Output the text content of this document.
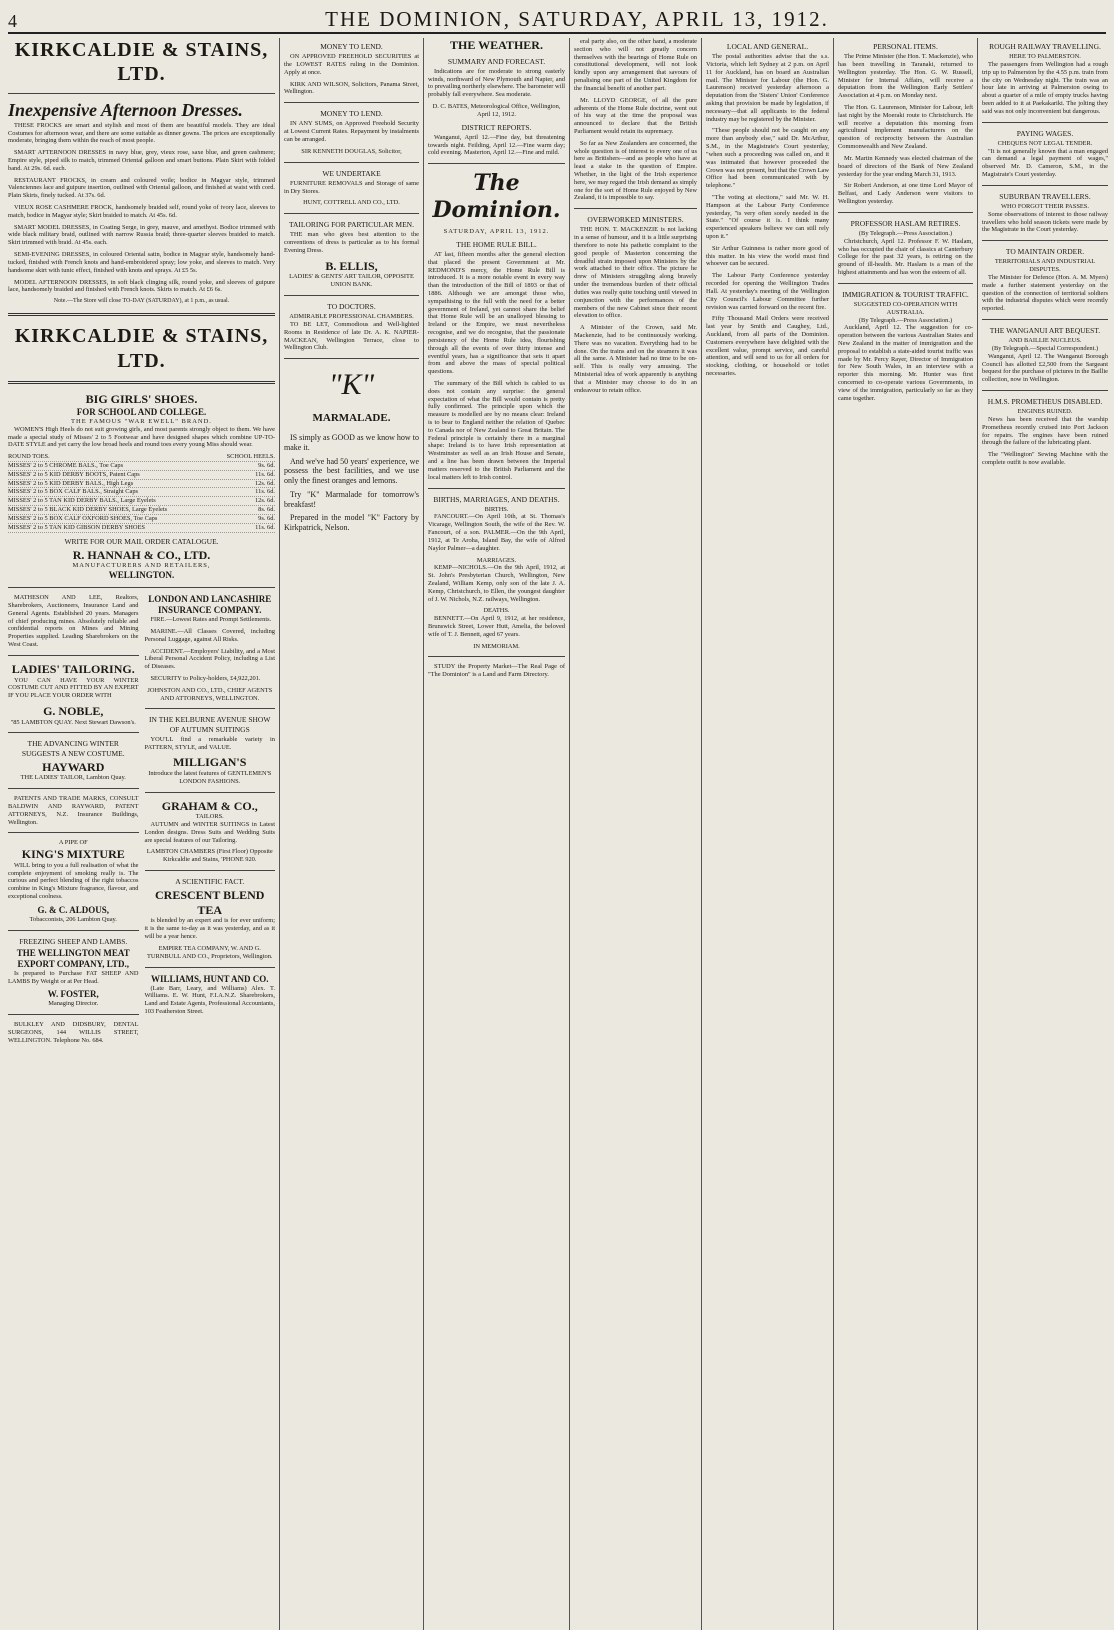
4	THE DOMINION, SATURDAY, APRIL 13, 1912.
KIRKCALDIE & STAINS, LTD.
Inexpensive Afternoon Dresses.

THESE FROCKS are smart and stylish and most of them are beautiful models. They are ideal Costumes for afternoon wear, and there are some suitable as dinner gowns. The prices are exceptionally moderate, bringing them within the reach of most people.

SMART AFTERNOON DRESSES in navy blue, grey, vieux rose, saxe blue, and green cashmere; Empire style, piped silk to match, trimmed Oriental galloon and smart buttons. Plain Skirt with folded band. At 29s. 6d. each.

RESTAURANT FROCKS, in cream and coloured voile; bodice in Magyar style, trimmed Valenciennes lace and guipure insertion, outlined with Oriental galloon, and finished at waist with cord. Plain Skirts, finely tucked. At 37s. 6d.

VIEUX ROSE CASHMERE FROCK, handsomely braided self, round yoke of ivory lace, sleeves to match, bodice in Magyar style; Skirt braided to match. At 45s. 6d.

SMART MODEL DRESSES, in Coating Serge, in grey, mauve, and amethyst. Bodice trimmed with wide black military braid, outlined with narrow Russia braid; three-quarter sleeves braided to match. Skirt trimmed with braid. At 45s. each.

SEMI-EVENING DRESSES, in coloured Oriental satin, bodice in Magyar style, handsomely hand-tucked, finished with French knots and hand-embroidered spray; low yoke, and sleeves to match. Very handsome skirt with tunic effect, finished with knots and sprays. At £5 5s.

MODEL AFTERNOON DRESSES, in soft black clinging silk, round yoke, and sleeves of guipure lace, handsomely braided and finished with French knots. Skirts to match. At £6 6s.

Note.—The Store will close TO-DAY (SATURDAY), at 1 p.m., as usual.
KIRKCALDIE & STAINS, LTD.
BIG GIRLS' SHOES.
FOR SCHOOL AND COLLEGE.
THE FAMOUS "WAR EWELL" BRAND.

WOMEN'S High Heels do not suit growing girls, and most parents strongly object to them. We have made a special study of Misses' 2 to 5 Footwear and have designed shapes which combine UP-TO-DATE STYLE and yet carry the low broad heels and round toes every young Miss should wear.

ROUND TOES.	SCHOOL HEELS.
MISSES' 2 to 5 CHROME BALS., Toe Caps	9s. 6d.
MISSES' 2 to 5 KID DERBY BOOTS, Patent Caps	11s. 6d.
MISSES' 2 to 5 KID DERBY BALS., High Legs	12s. 6d.
MISSES' 2 to 5 BOX CALF BALS., Straight Caps	11s. 6d.
MISSES' 2 to 5 TAN KID DERBY BALS., Large Eyelets	12s. 6d.
MISSES' 2 to 5 BLACK KID DERBY SHOES, Large Eyelets	8s. 6d.
MISSES' 2 to 5 BOX CALF OXFORD SHOES, Toe Caps	9s. 6d.
MISSES' 2 to 5 TAN KID GIBSON DERBY SHOES	11s. 6d.
WRITE FOR OUR MAIL ORDER CATALOGUE.
R. HANNAH & CO., LTD.
MANUFACTURERS AND RETAILERS,
WELLINGTON.

MATHESON AND LEE, Realtors, Sharebrokers, Auctioneers, Insurance Land and General Agents. Established 20 years. Managers of chief producing mines. Absolutely reliable and confidential reports on Mines and Mining Properties supplied. Leading Sharebrokers on the West Coast.

LADIES' TAILORING.

YOU CAN HAVE YOUR WINTER COSTUME CUT AND FITTED BY AN EXPERT IF YOU PLACE YOUR ORDER WITH

G. NOBLE,
"85 LAMBTON QUAY. Next Stewart Dawson's.
THE ADVANCING WINTER SUGGESTS A NEW COSTUME.
HAYWARD
THE LADIES' TAILOR, Lambton Quay.

PATENTS AND TRADE MARKS, CONSULT BALDWIN AND RAYWARD, PATENT ATTORNEYS, N.Z. Insurance Buildings, Wellington.

A PIPE OF
KING'S MIXTURE

WILL bring to you a full realisation of what the complete enjoyment of smoking really is. The curious and perfect blending of the right tobaccos combine in King's Mixture fragrance, flavour, and exceptional coolness.

G. & C. ALDOUS,
Tobacconists, 206 Lambton Quay.
FREEZING SHEEP AND LAMBS.
THE WELLINGTON MEAT EXPORT COMPANY, LTD.,

Is prepared to Purchase FAT SHEEP AND LAMBS By Weight or at Per Head.

W. FOSTER,
Managing Director.

BULKLEY AND DIDSBURY, DENTAL SURGEONS, 144 WILLIS STREET, WELLINGTON. Telephone No. 684.

LONDON AND LANCASHIRE INSURANCE COMPANY.

FIRE.—Lowest Rates and Prompt Settlements.

MARINE.—All Classes Covered, including Personal Luggage, against All Risks.

ACCIDENT.—Employers' Liability, and a Most Liberal Personal Accident Policy, including a List of Diseases.

SECURITY to Policy-holders, £4,922,201.

JOHNSTON AND CO., LTD., CHIEF AGENTS AND ATTORNEYS, WELLINGTON.
IN THE KELBURNE AVENUE SHOW OF AUTUMN SUITINGS

YOU'LL find a remarkable variety in PATTERN, STYLE, and VALUE.

MILLIGAN'S
Introduce the latest features of GENTLEMEN'S LONDON FASHIONS.
GRAHAM & CO.,
TAILORS.

AUTUMN and WINTER SUITINGS in Latest London designs. Dress Suits and Wedding Suits are special features of our Tailoring.

LAMBTON CHAMBERS (First Floor) Opposite Kirkcaldie and Stains, 'PHONE 920.
A SCIENTIFIC FACT.
CRESCENT BLEND TEA

is blended by an expert and is for ever uniform; it is the same to-day as it was yesterday, and as it will be a year hence.

EMPIRE TEA COMPANY, W. AND G. TURNBULL AND CO., Proprietors, Wellington.
WILLIAMS, HUNT AND CO.

(Late Barr, Leary, and Williams) Alex. T. Williams. E. W. Hunt, F.I.A.N.Z. Sharebrokers, Land and Estate Agents, Professional Accountants, 103 Featherston Street.

MONEY TO LEND.

ON APPROVED FREEHOLD SECURITIES at the LOWEST RATES ruling in the Dominion. Apply at once.

KIRK AND WILSON, Solicitors, Panama Street, Wellington.

MONEY TO LEND.

IN ANY SUMS, on Approved Freehold Security at Lowest Current Rates. Repayment by instalments can be arranged.

SIR KENNETH DOUGLAS, Solicitor,
WE UNDERTAKE

FURNITURE REMOVALS and Storage of same in Dry Stores.

HUNT, COTTRELL AND CO., LTD.
TAILORING FOR PARTICULAR MEN.

THE man who gives best attention to the conventions of dress is particular as to his formal Evening Dress.

B. ELLIS,
LADIES' & GENTS' ART TAILOR, OPPOSITE UNION BANK.
TO DOCTORS.
ADMIRABLE PROFESSIONAL CHAMBERS.

TO BE LET, Commodious and Well-lighted Rooms in Residence of late Dr. A. K. NAPIER-MACKEAN, Wellington Terrace, close to Wellington Club.

"K"
MARMALADE.

IS simply as GOOD as we know how to make it.

And we've had 50 years' experience, we possess the best facilities, and we use only the finest oranges and lemons.

Try "K" Marmalade for tomorrow's breakfast!

Prepared in the model "K" Factory by Kirkpatrick, Nelson.

THE WEATHER.
SUMMARY AND FORECAST.

Indications are for moderate to strong easterly winds, northward of New Plymouth and Napier, and to prevailing northerly elsewhere. The barometer will probably fall everywhere. Sea moderate.

D. C. BATES, Meteorological Office, Wellington, April 12, 1912.
DISTRICT REPORTS.

Wanganui, April 12.—Fine day, but threatening towards night. Feilding, April 12.—Fine warm day; cold evening. Masterton, April 12.—Fine and mild.

The Dominion.
SATURDAY, APRIL 13, 1912.
THE HOME RULE BILL.

AT last, fifteen months after the general election that placed the present Government at Mr. REDMOND'S mercy, the Home Rule Bill is introduced. It is a more notable event in every way than the introduction of the Bill of 1893 or that of 1886. Although we are amongst those who, sympathising to the full with the need for a better government of Ireland, yet cannot share the belief that Home Rule will be an unalloyed blessing to Ireland or the Empire, we must nevertheless recognise, and we do recognise, that the passionate persistency of the Home Rule idea, flourishing through all the events of over thirty intense and eventful years, has a significance that sets it apart from and above the mass of special political questions.

The summary of the Bill which is cabled to us does not contain any surprise: the general expectation of what the Bill would contain is pretty fully confirmed. The principle upon which the measure is modelled are by no means clear: Ireland is to bear to England neither the relation of Quebec to Canada nor of New Zealand to Great Britain. The Federal principle is certainly there in a marginal shape: Ireland is to have Irish representation at Westminster as well as an Irish House and Senate, and a line has been drawn between the Imperial matters reserved to the British Parliament and the local matters left to Irish control.

BIRTHS, MARRIAGES, AND DEATHS.
BIRTHS.

FANCOURT.—On April 10th, at St. Thomas's Vicarage, Wellington South, the wife of the Rev. W. Fancourt, of a son. PALMER.—On the 9th April, 1912, at Te Aroha, Island Bay, the wife of Alfred Naylor Palmer—a daughter.

MARRIAGES.

KEMP—NICHOLS.—On the 9th April, 1912, at St. John's Presbyterian Church, Wellington, New Zealand, William Kemp, only son of the late J. A. Kemp, Christchurch, to Ellen, the youngest daughter of J. W. Nichols, N.Z. railways, Wellington.

DEATHS.

BENNETT.—On April 9, 1912, at her residence, Brunswick Street, Lower Hutt, Amelia, the beloved wife of T. J. Bennett, aged 67 years.

IN MEMORIAM.

STUDY the Property Market—The Real Page of "The Dominion" is a Land and Farm Directory.

eral party also, on the other hand, a moderate section who will not greatly concern themselves with the bearings of Home Rule on constitutional development, will not look kindly upon any arrangement that savours of penalising one part of the United Kingdom for the financial benefit of another part.

Mr. LLOYD GEORGE, of all the pure adherents of the Home Rule doctrine, went out of his way at the time the proposal was announced to declare that the British Parliament would retain its supremacy.

So far as New Zealanders are concerned, the whole question is of interest to every one of us here as Britishers—and as people who have at least a stake in the question of Empire. Whether, in the light of the Irish experience here, we may regard the Irish demand as simply one for the sort of Home Rule enjoyed by New Zealand, it is impossible to say.

OVERWORKED MINISTERS.

THE HON. T. MACKENZIE is not lacking in a sense of humour, and it is a little surprising therefore to note his pathetic complaint to the good people of Masterton concerning the dreadful strain imposed upon Ministers by the work attached to their office. The picture he drew of Ministers struggling along bravely under the tremendous burden of their official duties was really quite touching until viewed in conjunction with the performances of the members of the new Cabinet since their recent elevation to office.

A Minister of the Crown, said Mr. Mackenzie, had to be continuously working. There was no vacation. Everything had to be done. On the trains and on the steamers it was all the same. A Minister had no time to be on-self. This is really very amusing. The Ministerial idea of work apparently is anything that a Minister may choose to do in an endeavour to retain office.

LOCAL AND GENERAL.

The postal authorities advise that the s.s. Victoria, which left Sydney at 2 p.m. on April 11 for Auckland, has on board an Australian mail. The Minister for Labour (the Hon. G. Laurenson) received yesterday afternoon a deputation from the 'Sisters' Union' Conference asking that provision be made by legislation, if necessary—that all applicants to the federal industry may be registered by the Minister.

"These people should not be caught on any more than anybody else," said Dr. McArthur, S.M., in the Magistrate's Court yesterday, "when such a proceeding was called on, and it was intimated that however proceeded the Crown was not present, but that the Crown Law Office had been communicated with by telephone."

"The voting at elections," said Mr. W. H. Hampson at the Labour Party Conference yesterday, "is very often sorely needed in the State." "Of course it is. I think many experienced speakers believe we can still rely upon it."

Sir Arthur Guinness is rather more good of this matter. In his view the world must find whoever can be secured.

The Labour Party Conference yesterday recorded for opening the Wellington Trades Hall. At yesterday's meeting of the Wellington City Council's Labour Committee further revision was carried forward on the recent fire.

Fifty Thousand Mail Orders were received last year by Smith and Caughey, Ltd., Auckland, from all parts of the Dominion. Customers everywhere have delighted with the excellent value, prompt service, and careful attention, and will send to us for all orders for stocking, clothing, or household or toilet necessaries.

PERSONAL ITEMS.

The Prime Minister (the Hon. T. Mackenzie), who has been travelling in Taranaki, returned to Wellington yesterday. The Hon. G. W. Russell, Minister for Internal Affairs, will receive a deputation from the Wellington Early Settlers' Association at 4 p.m. on Monday next.

The Hon. G. Laurenson, Minister for Labour, left last night by the Moeraki route to Christchurch. He will receive a deputation this morning from agricultural implement manufacturers on the question of reciprocity between the Australian Commonwealth and New Zealand.

Mr. Martin Kennedy was elected chairman of the board of directors of the Bank of New Zealand yesterday for the year ending March 31, 1913.

Sir Robert Anderson, at one time Lord Mayor of Belfast, and Lady Anderson were visitors to Wellington yesterday.

PROFESSOR HASLAM RETIRES.
(By Telegraph.—Press Association.)

Christchurch, April 12. Professor F. W. Haslam, who has occupied the chair of classics at Canterbury College for the past 32 years, is retiring on the ground of ill-health. Mr. Haslam is a man of the highest attainments and has won the esteem of all.

IMMIGRATION & TOURIST TRAFFIC.
SUGGESTED CO-OPERATION WITH AUSTRALIA.
(By Telegraph.—Press Association.)

Auckland, April 12. The suggestion for co-operation between the various Australian States and New Zealand in the matter of immigration and the proposal to establish a state-aided tourist traffic was made by Mr. Percy Rayer, Director of Immigration for New South Wales, in an interview with a reporter this morning. Mr. Hunter was first concerned to co-operate various Governments, in view of the immigration, particularly so far as they came together.

ROUGH RAILWAY TRAVELLING.
HERE TO PALMERSTON.

The passengers from Wellington had a rough trip up to Palmerston by the 4.55 p.m. train from the city on Wednesday night. The train was an hour late in arriving at Palmerston owing to about a quarter of a mile of empty trucks having been added to it at Paekakariki. The jolting they said was not only inconvenient but dangerous.

PAYING WAGES.
CHEQUES NOT LEGAL TENDER.

"It is not generally known that a man engaged can demand a legal payment of wages," observed Mr. D. Cameron, S.M., in the Magistrate's Court yesterday.

SUBURBAN TRAVELLERS.
WHO FORGOT THEIR PASSES.

Some observations of interest to those railway travellers who hold season tickets were made by the Magistrate in the Court yesterday.

TO MAINTAIN ORDER.
TERRITORIALS AND INDUSTRIAL DISPUTES.

The Minister for Defence (Hon. A. M. Myers) made a further statement yesterday on the question of the connection of territorial soldiers with the industrial disputes which were recently reported.

THE WANGANUI ART BEQUEST.
AND BAILLIE NUCLEUS.
(By Telegraph.—Special Correspondent.)

Wanganui, April 12. The Wanganui Borough Council has allotted £2,500 from the Sargeant bequest for the purchase of pictures in the Baillie collection, now in Wellington.

H.M.S. PROMETHEUS DISABLED.
ENGINES RUINED.

News has been received that the warship Prometheus recently cruised into Port Jackson for repairs. The engines have been ruined through the failure of the lubricating plant.

The "Wellington" Sewing Machine with the complete outfit is now available.
